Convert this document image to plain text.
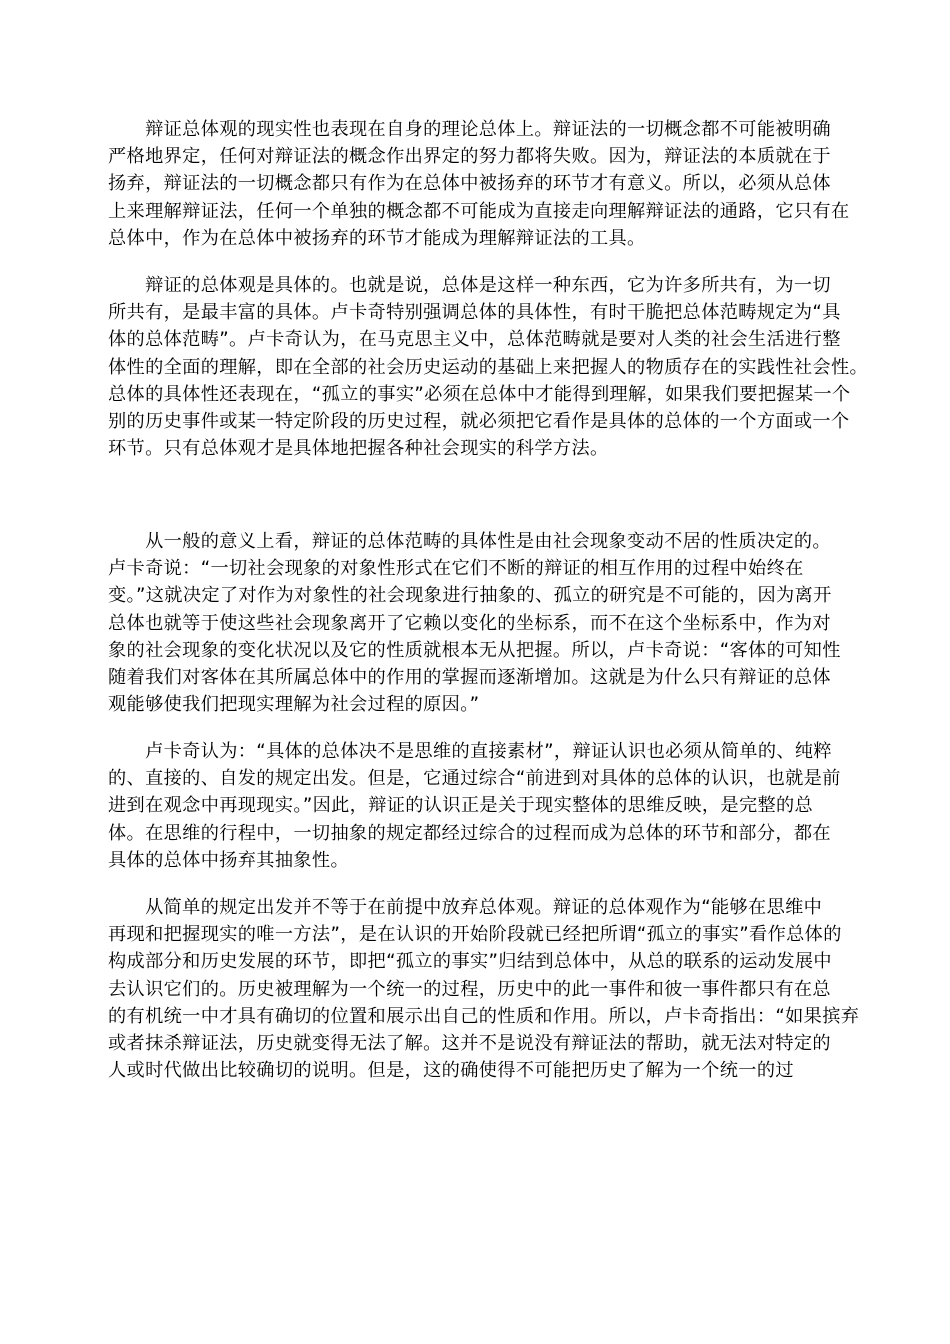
　　辩证总体观的现实性也表现在自身的理论总体上。辩证法的一切概念都不可能被明确
严格地界定，任何对辩证法的概念作出界定的努力都将失败。因为，辩证法的本质就在于
扬弃，辩证法的一切概念都只有作为在总体中被扬弃的环节才有意义。所以，必须从总体
上来理解辩证法，任何一个单独的概念都不可能成为直接走向理解辩证法的通路，它只有在
总体中，作为在总体中被扬弃的环节才能成为理解辩证法的工具。
　　辩证的总体观是具体的。也就是说，总体是这样一种东西，它为许多所共有，为一切
所共有，是最丰富的具体。卢卡奇特别强调总体的具体性，有时干脆把总体范畴规定为“具
体的总体范畴”。卢卡奇认为，在马克思主义中，总体范畴就是要对人类的社会生活进行整
体性的全面的理解，即在全部的社会历史运动的基础上来把握人的物质存在的实践性社会性。
总体的具体性还表现在，“孤立的事实”必须在总体中才能得到理解，如果我们要把握某一个
别的历史事件或某一特定阶段的历史过程，就必须把它看作是具体的总体的一个方面或一个
环节。只有总体观才是具体地把握各种社会现实的科学方法。
　　从一般的意义上看，辩证的总体范畴的具体性是由社会现象变动不居的性质决定的。
卢卡奇说：“一切社会现象的对象性形式在它们不断的辩证的相互作用的过程中始终在
变。”这就决定了对作为对象性的社会现象进行抽象的、孤立的研究是不可能的，因为离开
总体也就等于使这些社会现象离开了它赖以变化的坐标系，而不在这个坐标系中，作为对
象的社会现象的变化状况以及它的性质就根本无从把握。所以，卢卡奇说：“客体的可知性
随着我们对客体在其所属总体中的作用的掌握而逐渐增加。这就是为什么只有辩证的总体
观能够使我们把现实理解为社会过程的原因。”
　　卢卡奇认为：“具体的总体决不是思维的直接素材”，辩证认识也必须从简单的、纯粹
的、直接的、自发的规定出发。但是，它通过综合“前进到对具体的总体的认识，也就是前
进到在观念中再现现实。”因此，辩证的认识正是关于现实整体的思维反映，是完整的总
体。在思维的行程中，一切抽象的规定都经过综合的过程而成为总体的环节和部分，都在
具体的总体中扬弃其抽象性。
　　从简单的规定出发并不等于在前提中放弃总体观。辩证的总体观作为“能够在思维中
再现和把握现实的唯一方法”，是在认识的开始阶段就已经把所谓“孤立的事实”看作总体的
构成部分和历史发展的环节，即把“孤立的事实”归结到总体中，从总的联系的运动发展中
去认识它们的。历史被理解为一个统一的过程，历史中的此一事件和彼一事件都只有在总
的有机统一中才具有确切的位置和展示出自己的性质和作用。所以，卢卡奇指出：“如果摈弃
或者抹杀辩证法，历史就变得无法了解。这并不是说没有辩证法的帮助，就无法对特定的
人或时代做出比较确切的说明。但是，这的确使得不可能把历史了解为一个统一的过
